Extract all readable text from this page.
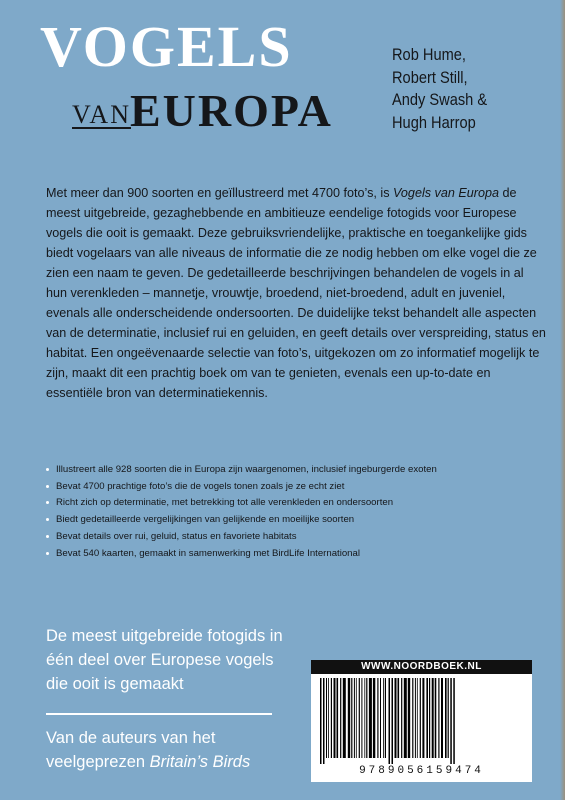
VOGELS
VAN EUROPA
Rob Hume,
Robert Still,
Andy Swash &
Hugh Harrop

Met meer dan 900 soorten en geïllustreerd met 4700 foto’s, is Vogels van Europa de meest uitgebreide, gezaghebbende en ambitieuze eendelige fotogids voor Europese vogels die ooit is gemaakt. Deze gebruiksvriendelijke, praktische en toegankelijke gids biedt vogelaars van alle niveaus de informatie die ze nodig hebben om elke vogel die ze zien een naam te geven. De gedetailleerde beschrijvingen behandelen de vogels in al hun verenkleden – mannetje, vrouwtje, broedend, niet-broedend, adult en juveniel, evenals alle onderscheidende ondersoorten. De duidelijke tekst behandelt alle aspecten van de determinatie, inclusief rui en geluiden, en geeft details over verspreiding, status en habitat. Een ongeëvenaarde selectie van foto’s, uitgekozen om zo informatief mogelijk te zijn, maakt dit een prachtig boek om van te genieten, evenals een up-to-date en essentiële bron van determinatiekennis.

Illustreert alle 928 soorten die in Europa zijn waargenomen, inclusief ingeburgerde exoten
Bevat 4700 prachtige foto’s die de vogels tonen zoals je ze echt ziet
Richt zich op determinatie, met betrekking tot alle verenkleden en ondersoorten
Biedt gedetailleerde vergelijkingen van gelijkende en moeilijke soorten
Bevat details over rui, geluid, status en favoriete habitats
Bevat 540 kaarten, gemaakt in samenwerking met BirdLife International
De meest uitgebreide fotogids in één deel over Europese vogels die ooit is gemaakt
Van de auteurs van het veelgeprezen Britain’s Birds
WWW.NOORDBOEK.NL
9789056159474
